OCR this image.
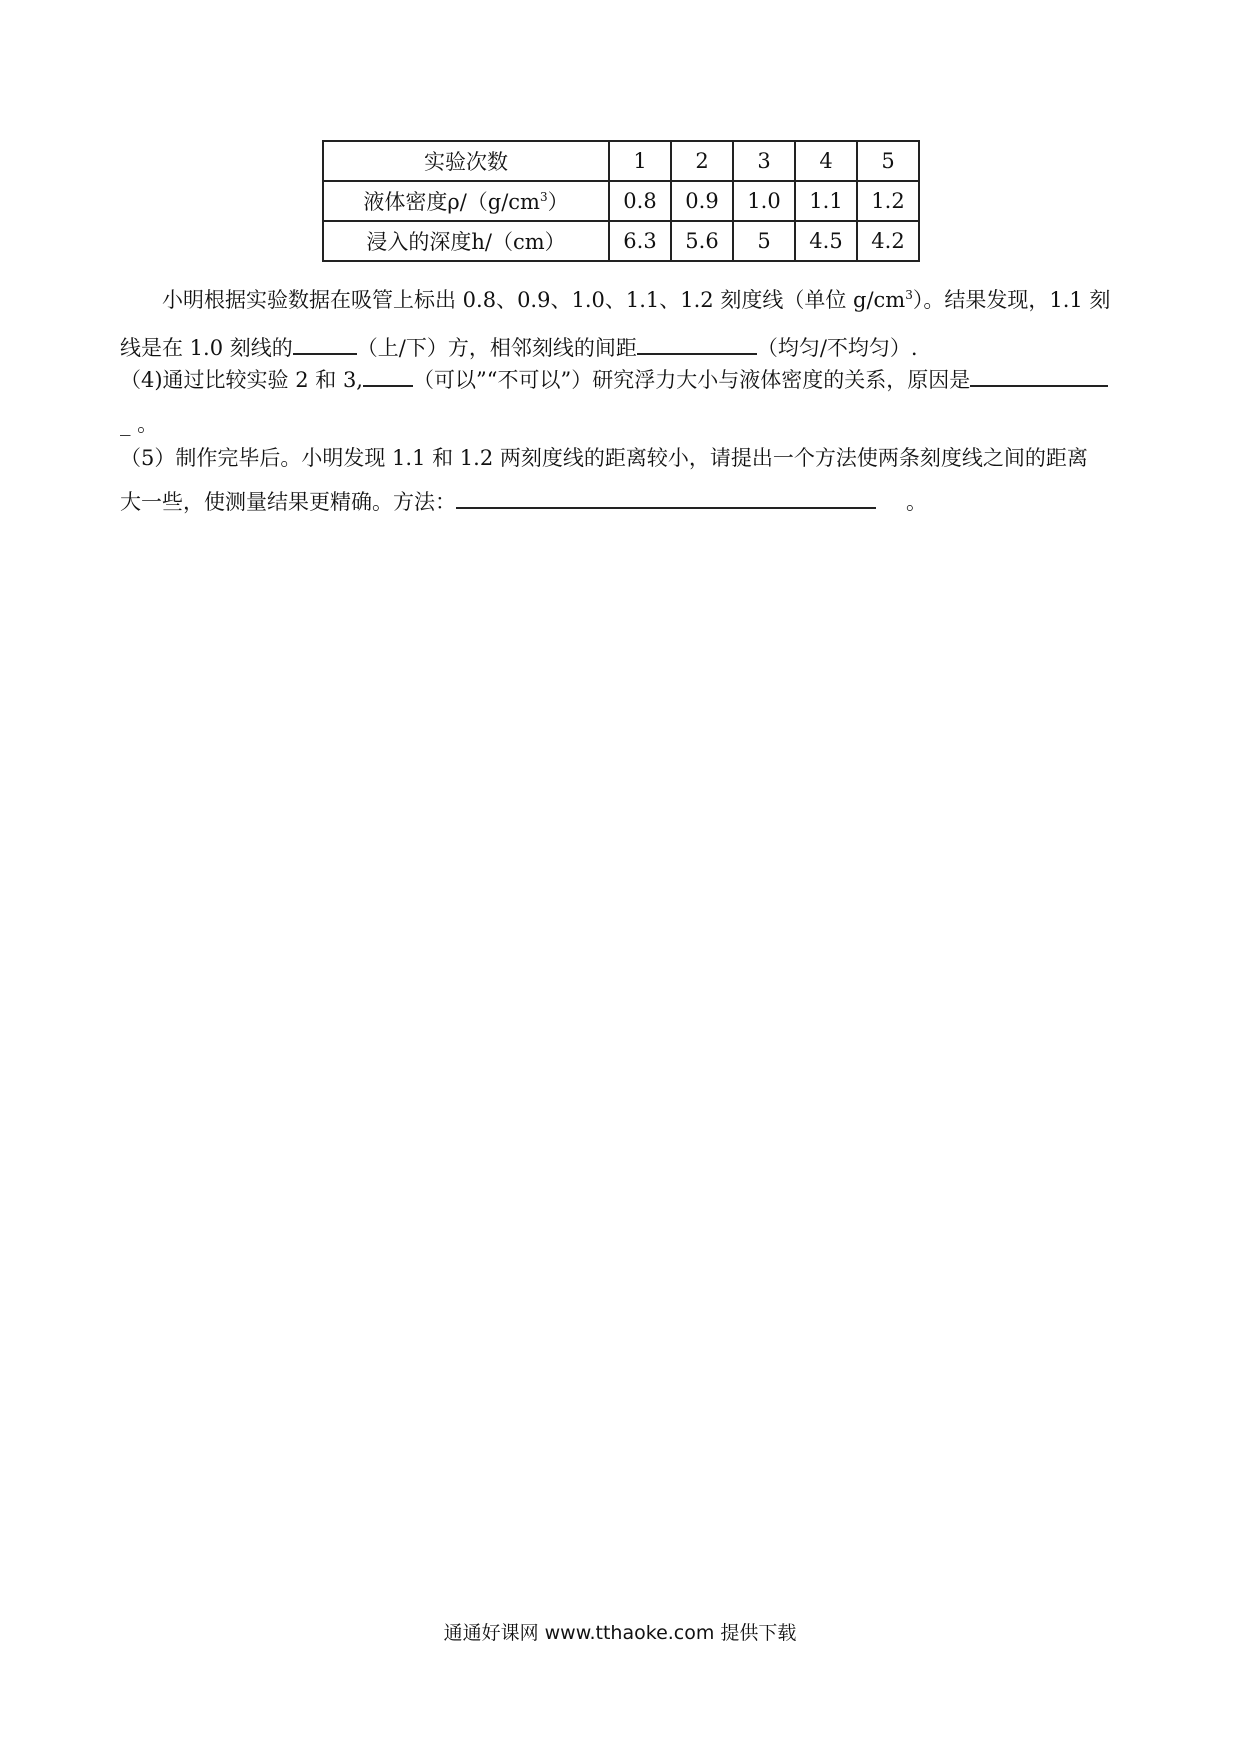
实验次数	1	2	3	4	5
液体密度$\rho/(g/cm^3)$	0.8	0.9	1.0	1.1	1.2
浸入的深度h/（cm）	6.3	5.6	5	4.5	4.2
小明根据实验数据在吸管上标出 0.8、0.9、1.0、1.1、1.2 刻度线（单位 $g/cm^3$）。结果发现，1.1 刻
线是在 1.0 刻线的	（上/下）方，相邻刻线的间距	（均匀/不均匀）.
（4)通过比较实验 2 和 3, （可以”“不可以”）研究浮力大小与液体密度的关系，原因是
_ 。
（5）制作完毕后。小明发现 1.1 和 1.2 两刻度线的距离较小，请提出一个方法使两条刻度线之间的距离
大一些，使测量结果更精确。方法：	。
通通好课网 www.tthaoke.com 提供下载
